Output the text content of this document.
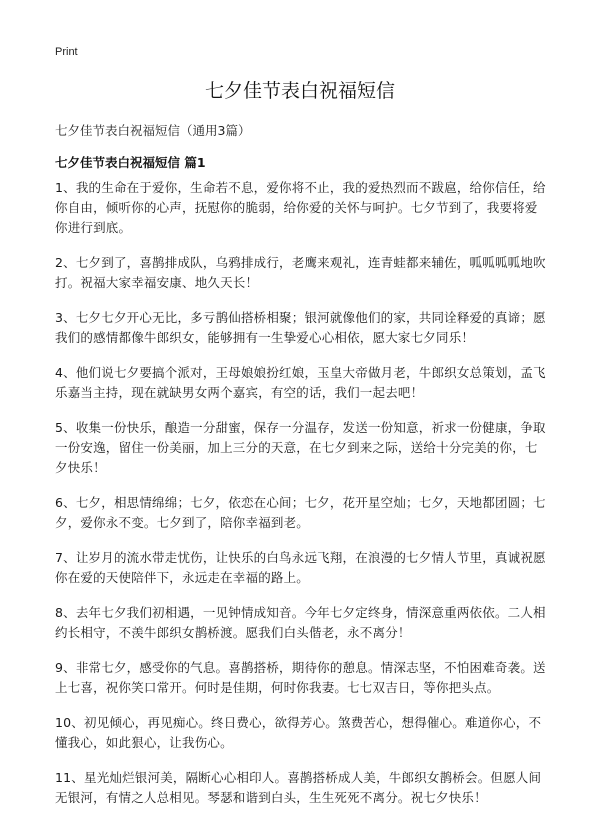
Print
七夕佳节表白祝福短信

七夕佳节表白祝福短信（通用3篇）

七夕佳节表白祝福短信 篇1

1、我的生命在于爱你，生命若不息，爱你将不止，我的爱热烈而不跋扈，给你信任，给你自由，倾听你的心声，抚慰你的脆弱，给你爱的关怀与呵护。七夕节到了，我要将爱你进行到底。

2、七夕到了，喜鹊排成队，乌鸦排成行，老鹰来观礼，连青蛙都来辅佐，呱呱呱呱地吹打。祝福大家幸福安康、地久天长！

3、七夕七夕开心无比，多亏鹊仙搭桥相聚；银河就像他们的家，共同诠释爱的真谛；愿我们的感情都像牛郎织女，能够拥有一生挚爱心心相依，愿大家七夕同乐！

4、他们说七夕要搞个派对，王母娘娘扮红娘，玉皇大帝做月老，牛郎织女总策划，孟飞乐嘉当主持，现在就缺男女两个嘉宾，有空的话，我们一起去吧！

5、收集一份快乐，酿造一分甜蜜，保存一分温存，发送一份知意，祈求一份健康，争取一份安逸，留住一份美丽，加上三分的天意，在七夕到来之际，送给十分完美的你，七夕快乐！

6、七夕，相思情绵绵；七夕，依恋在心间；七夕，花开星空灿；七夕，天地都团圆；七夕，爱你永不变。七夕到了，陪你幸福到老。

7、让岁月的流水带走忧伤，让快乐的白鸟永远飞翔，在浪漫的七夕情人节里，真诚祝愿你在爱的天使陪伴下，永远走在幸福的路上。

8、去年七夕我们初相遇，一见钟情成知音。今年七夕定终身，情深意重两依依。二人相约长相守，不羡牛郎织女鹊桥渡。愿我们白头偕老，永不离分！

9、非常七夕，感受你的气息。喜鹊搭桥，期待你的憩息。情深志坚，不怕困难奇袭。送上七喜，祝你笑口常开。何时是佳期，何时你我妻。七七双吉日，等你把头点。

10、初见倾心，再见痴心。终日费心，欲得芳心。煞费苦心，想得催心。难道你心，不懂我心，如此狠心，让我伤心。

11、星光灿烂银河美，隔断心心相印人。喜鹊搭桥成人美，牛郎织女鹊桥会。但愿人间无银河，有情之人总相见。琴瑟和谐到白头，生生死死不离分。祝七夕快乐！
